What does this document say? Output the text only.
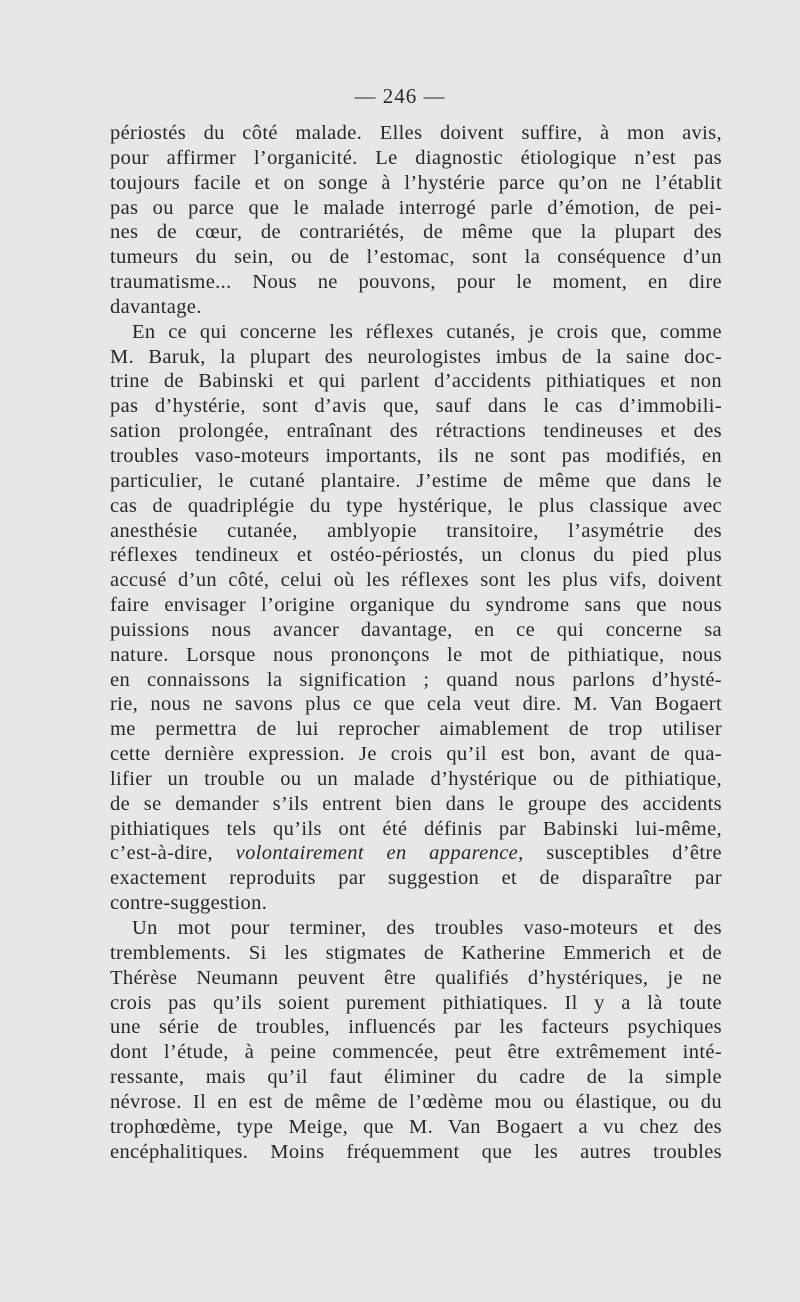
— 246 —
périostés du côté malade. Elles doivent suffire, à mon avis,
pour affirmer l’organicité. Le diagnostic étiologique n’est pas
toujours facile et on songe à l’hystérie parce qu’on ne l’établit
pas ou parce que le malade interrogé parle d’émotion, de pei-
nes de cœur, de contrariétés, de même que la plupart des
tumeurs du sein, ou de l’estomac, sont la conséquence d’un
traumatisme... Nous ne pouvons, pour le moment, en dire
davantage.
En ce qui concerne les réflexes cutanés, je crois que, comme
M. Baruk, la plupart des neurologistes imbus de la saine doc-
trine de Babinski et qui parlent d’accidents pithiatiques et non
pas d’hystérie, sont d’avis que, sauf dans le cas d’immobili-
sation prolongée, entraînant des rétractions tendineuses et des
troubles vaso-moteurs importants, ils ne sont pas modifiés, en
particulier, le cutané plantaire. J’estime de même que dans le
cas de quadriplégie du type hystérique, le plus classique avec
anesthésie cutanée, amblyopie transitoire, l’asymétrie des
réflexes tendineux et ostéo-périostés, un clonus du pied plus
accusé d’un côté, celui où les réflexes sont les plus vifs, doivent
faire envisager l’origine organique du syndrome sans que nous
puissions nous avancer davantage, en ce qui concerne sa
nature. Lorsque nous prononçons le mot de pithiatique, nous
en connaissons la signification ; quand nous parlons d’hysté-
rie, nous ne savons plus ce que cela veut dire. M. Van Bogaert
me permettra de lui reprocher aimablement de trop utiliser
cette dernière expression. Je crois qu’il est bon, avant de qua-
lifier un trouble ou un malade d’hystérique ou de pithiatique,
de se demander s’ils entrent bien dans le groupe des accidents
pithiatiques tels qu’ils ont été définis par Babinski lui-même,
c’est-à-dire, volontairement en apparence, susceptibles d’être
exactement reproduits par suggestion et de disparaître par
contre-suggestion.
Un mot pour terminer, des troubles vaso-moteurs et des
tremblements. Si les stigmates de Katherine Emmerich et de
Thérèse Neumann peuvent être qualifiés d’hystériques, je ne
crois pas qu’ils soient purement pithiatiques. Il y a là toute
une série de troubles, influencés par les facteurs psychiques
dont l’étude, à peine commencée, peut être extrêmement inté-
ressante, mais qu’il faut éliminer du cadre de la simple
névrose. Il en est de même de l’œdème mou ou élastique, ou du
trophœdème, type Meige, que M. Van Bogaert a vu chez des
encéphalitiques. Moins fréquemment que les autres troubles
